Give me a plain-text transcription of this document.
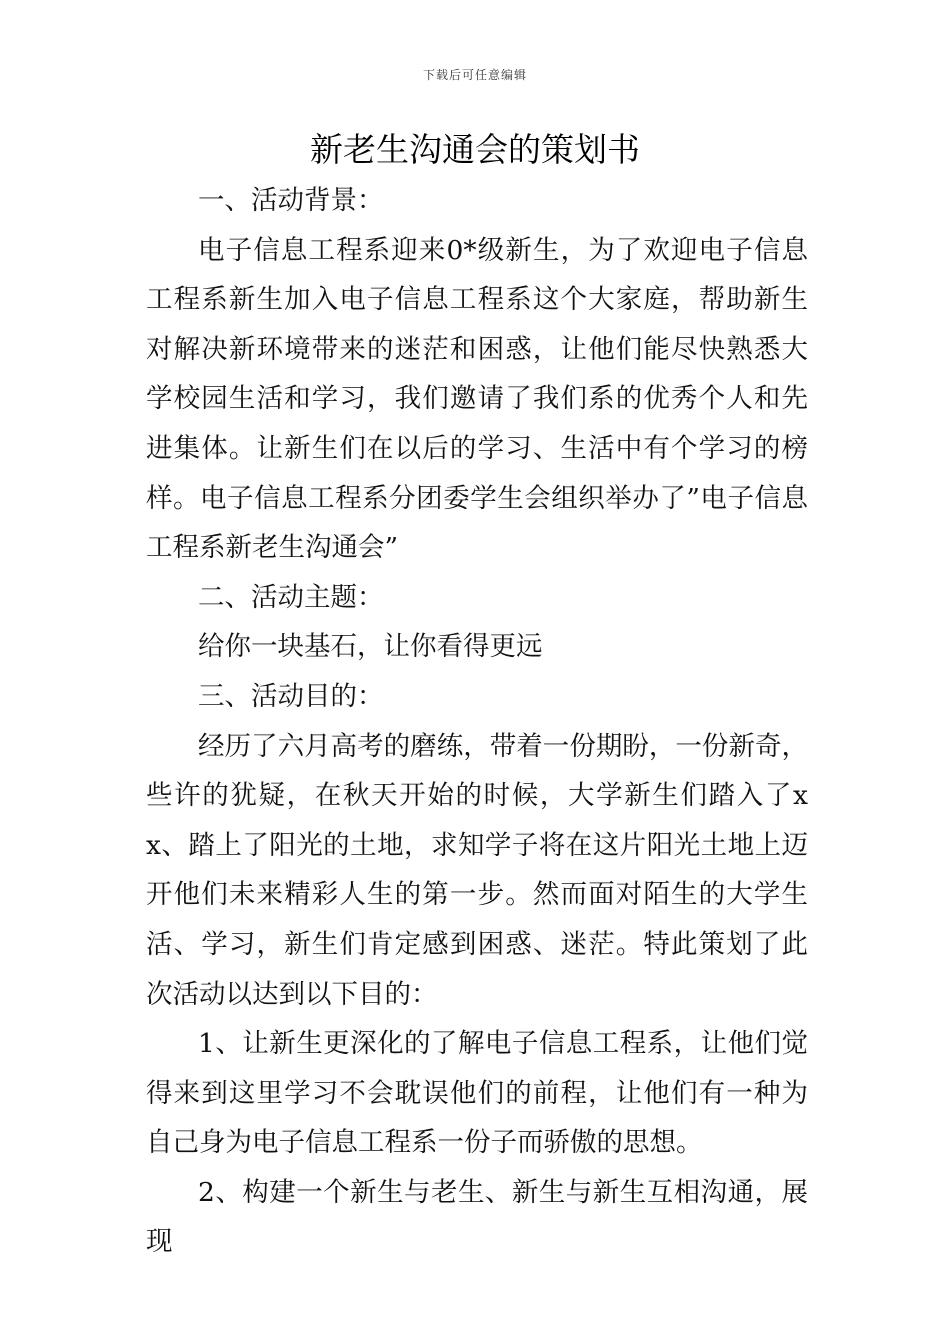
下载后可任意编辑
新老生沟通会的策划书

一、活动背景：

电子信息工程系迎来0*级新生，为了欢迎电子信息工程系新生加入电子信息工程系这个大家庭，帮助新生对解决新环境带来的迷茫和困惑，让他们能尽快熟悉大学校园生活和学习，我们邀请了我们系的优秀个人和先进集体。让新生们在以后的学习、生活中有个学习的榜样。电子信息工程系分团委学生会组织举办了”电子信息工程系新老生沟通会”

二、活动主题：

给你一块基石，让你看得更远

三、活动目的：

经历了六月高考的磨练，带着一份期盼，一份新奇，些许的犹疑，在秋天开始的时候，大学新生们踏入了xx、踏上了阳光的土地，求知学子将在这片阳光土地上迈开他们未来精彩人生的第一步。然而面对陌生的大学生活、学习，新生们肯定感到困惑、迷茫。特此策划了此次活动以达到以下目的：

1、让新生更深化的了解电子信息工程系，让他们觉得来到这里学习不会耽误他们的前程，让他们有一种为自己身为电子信息工程系一份子而骄傲的思想。

2、构建一个新生与老生、新生与新生互相沟通，展现
